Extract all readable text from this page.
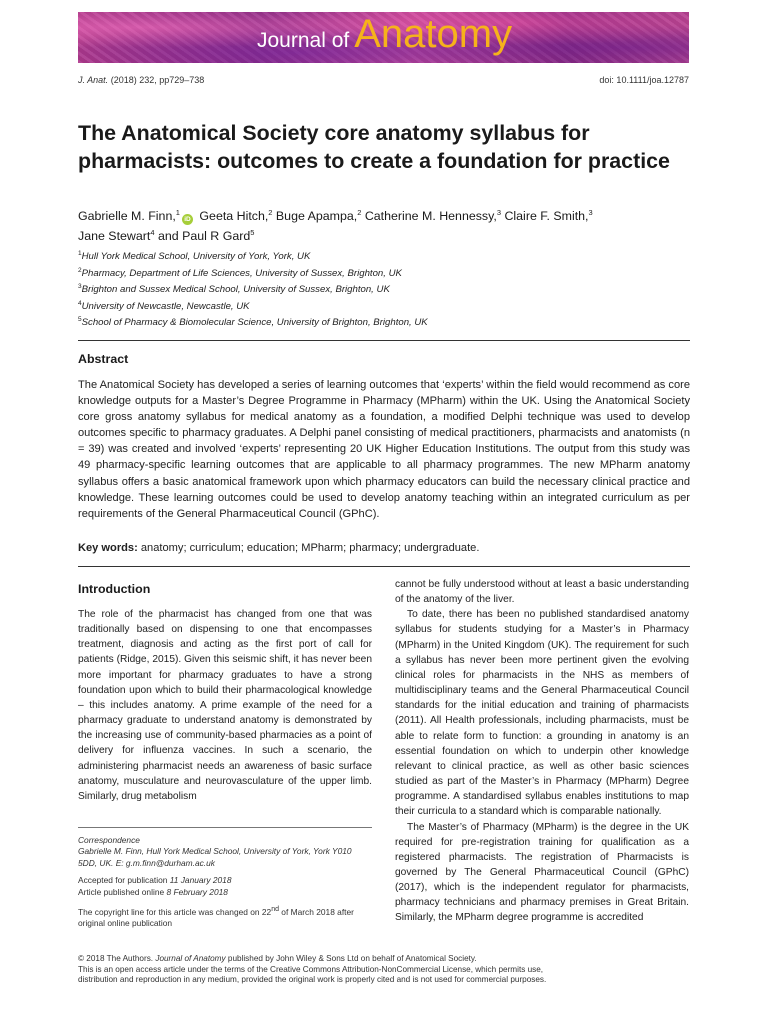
Journal of Anatomy
J. Anat. (2018) 232, pp729–738	doi: 10.1111/joa.12787
The Anatomical Society core anatomy syllabus for pharmacists: outcomes to create a foundation for practice
Gabrielle M. Finn,$^1$iD Geeta Hitch,$^2$ Buge Apampa,$^2$ Catherine M. Hennessy,$^3$ Claire F. Smith,$^3$
Jane Stewart$^4$ and Paul R Gard$^5$
$^1$Hull York Medical School, University of York, York, UK
$^2$Pharmacy, Department of Life Sciences, University of Sussex, Brighton, UK
$^3$Brighton and Sussex Medical School, University of Sussex, Brighton, UK
$^4$University of Newcastle, Newcastle, UK
$^5$School of Pharmacy & Biomolecular Science, University of Brighton, Brighton, UK
Abstract
The Anatomical Society has developed a series of learning outcomes that ‘experts’ within the field would recommend as core knowledge outputs for a Master’s Degree Programme in Pharmacy (MPharm) within the UK. Using the Anatomical Society core gross anatomy syllabus for medical anatomy as a foundation, a modified Delphi technique was used to develop outcomes specific to pharmacy graduates. A Delphi panel consisting of medical practitioners, pharmacists and anatomists (n = 39) was created and involved ‘experts’ representing 20 UK Higher Education Institutions. The output from this study was 49 pharmacy-specific learning outcomes that are applicable to all pharmacy programmes. The new MPharm anatomy syllabus offers a basic anatomical framework upon which pharmacy educators can build the necessary clinical practice and knowledge. These learning outcomes could be used to develop anatomy teaching within an integrated curriculum as per requirements of the General Pharmaceutical Council (GPhC).
Key words: anatomy; curriculum; education; MPharm; pharmacy; undergraduate.
Introduction

The role of the pharmacist has changed from one that was traditionally based on dispensing to one that encompasses treatment, diagnosis and acting as the first port of call for patients (Ridge, 2015). Given this seismic shift, it has never been more important for pharmacy graduates to have a strong foundation upon which to build their pharmacological knowledge – this includes anatomy. A prime example of the need for a pharmacy graduate to understand anatomy is demonstrated by the increasing use of community-based pharmacies as a point of delivery for influenza vaccines. In such a scenario, the administering pharmacist needs an awareness of basic surface anatomy, musculature and neurovasculature of the upper limb. Similarly, drug metabolism

cannot be fully understood without at least a basic understanding of the anatomy of the liver.

To date, there has been no published standardised anatomy syllabus for students studying for a Master’s in Pharmacy (MPharm) in the United Kingdom (UK). The requirement for such a syllabus has never been more pertinent given the evolving clinical roles for pharmacists in the NHS as members of multidisciplinary teams and the General Pharmaceutical Council standards for the initial education and training of pharmacists (2011). All Health professionals, including pharmacists, must be able to relate form to function: a grounding in anatomy is an essential foundation on which to underpin other knowledge relevant to clinical practice, as well as other basic sciences studied as part of the Master’s in Pharmacy (MPharm) Degree programme. A standardised syllabus enables institutions to map their curricula to a standard which is comparable nationally.

The Master’s of Pharmacy (MPharm) is the degree in the UK required for pre-registration training for qualification as a registered pharmacists. The registration of Pharmacists is governed by The General Pharmaceutical Council (GPhC) (2017), which is the independent regulator for pharmacists, pharmacy technicians and pharmacy premises in Great Britain. Similarly, the MPharm degree programme is accredited

Correspondence

Gabrielle M. Finn, Hull York Medical School, University of York, York Y010 5DD, UK. E: g.m.finn@durham.ac.uk

Accepted for publication 11 January 2018

Article published online 8 February 2018

The copyright line for this article was changed on 22nd of March 2018 after original online publication

© 2018 The Authors. Journal of Anatomy published by John Wiley & Sons Ltd on behalf of Anatomical Society.

This is an open access article under the terms of the Creative Commons Attribution-NonCommercial License, which permits use,

distribution and reproduction in any medium, provided the original work is properly cited and is not used for commercial purposes.
